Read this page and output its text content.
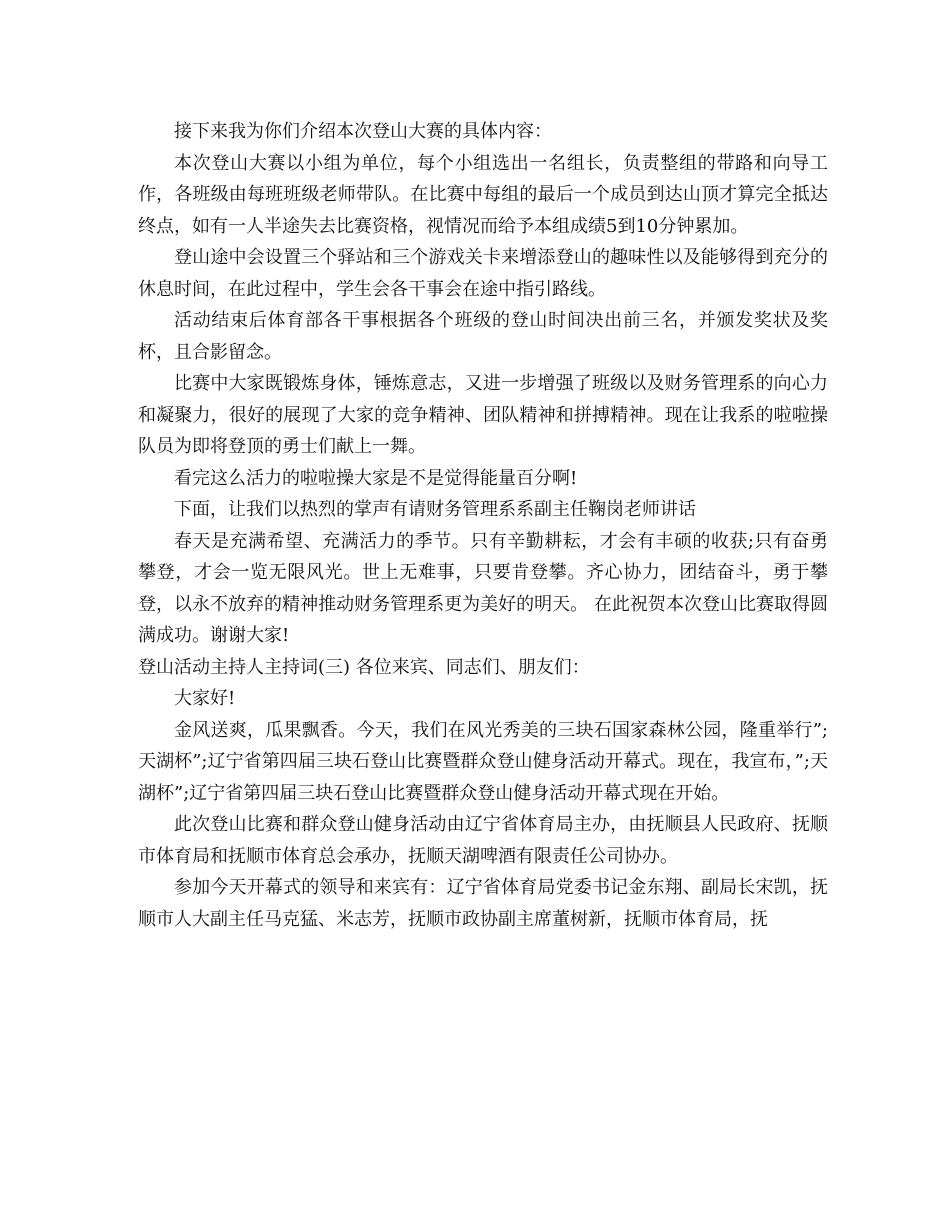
接下来我为你们介绍本次登山大赛的具体内容：

本次登山大赛以小组为单位，每个小组选出一名组长，负责整组的带路和向导工作，各班级由每班班级老师带队。在比赛中每组的最后一个成员到达山顶才算完全抵达终点，如有一人半途失去比赛资格，视情况而给予本组成绩5到10分钟累加。

登山途中会设置三个驿站和三个游戏关卡来增添登山的趣味性以及能够得到充分的休息时间，在此过程中，学生会各干事会在途中指引路线。

活动结束后体育部各干事根据各个班级的登山时间决出前三名，并颁发奖状及奖杯，且合影留念。

比赛中大家既锻炼身体，锤炼意志，又进一步增强了班级以及财务管理系的向心力和凝聚力，很好的展现了大家的竞争精神、团队精神和拼搏精神。现在让我系的啦啦操队员为即将登顶的勇士们献上一舞。

看完这么活力的啦啦操大家是不是觉得能量百分啊!

下面，让我们以热烈的掌声有请财务管理系系副主任鞠岗老师讲话

春天是充满希望、充满活力的季节。只有辛勤耕耘，才会有丰硕的收获;只有奋勇攀登，才会一览无限风光。世上无难事，只要肯登攀。齐心协力，团结奋斗，勇于攀登，以永不放弃的精神推动财务管理系更为美好的明天。 在此祝贺本次登山比赛取得圆满成功。谢谢大家!

登山活动主持人主持词(三) 各位来宾、同志们、朋友们：

大家好!

金风送爽，瓜果飘香。今天，我们在风光秀美的三块石国家森林公园，隆重举行”;天湖杯”;辽宁省第四届三块石登山比赛暨群众登山健身活动开幕式。现在，我宣布，”;天湖杯”;辽宁省第四届三块石登山比赛暨群众登山健身活动开幕式现在开始。

此次登山比赛和群众登山健身活动由辽宁省体育局主办，由抚顺县人民政府、抚顺市体育局和抚顺市体育总会承办，抚顺天湖啤酒有限责任公司协办。

参加今天开幕式的领导和来宾有：辽宁省体育局党委书记金东翔、副局长宋凯，抚顺市人大副主任马克猛、米志芳，抚顺市政协副主席董树新，抚顺市体育局，抚
